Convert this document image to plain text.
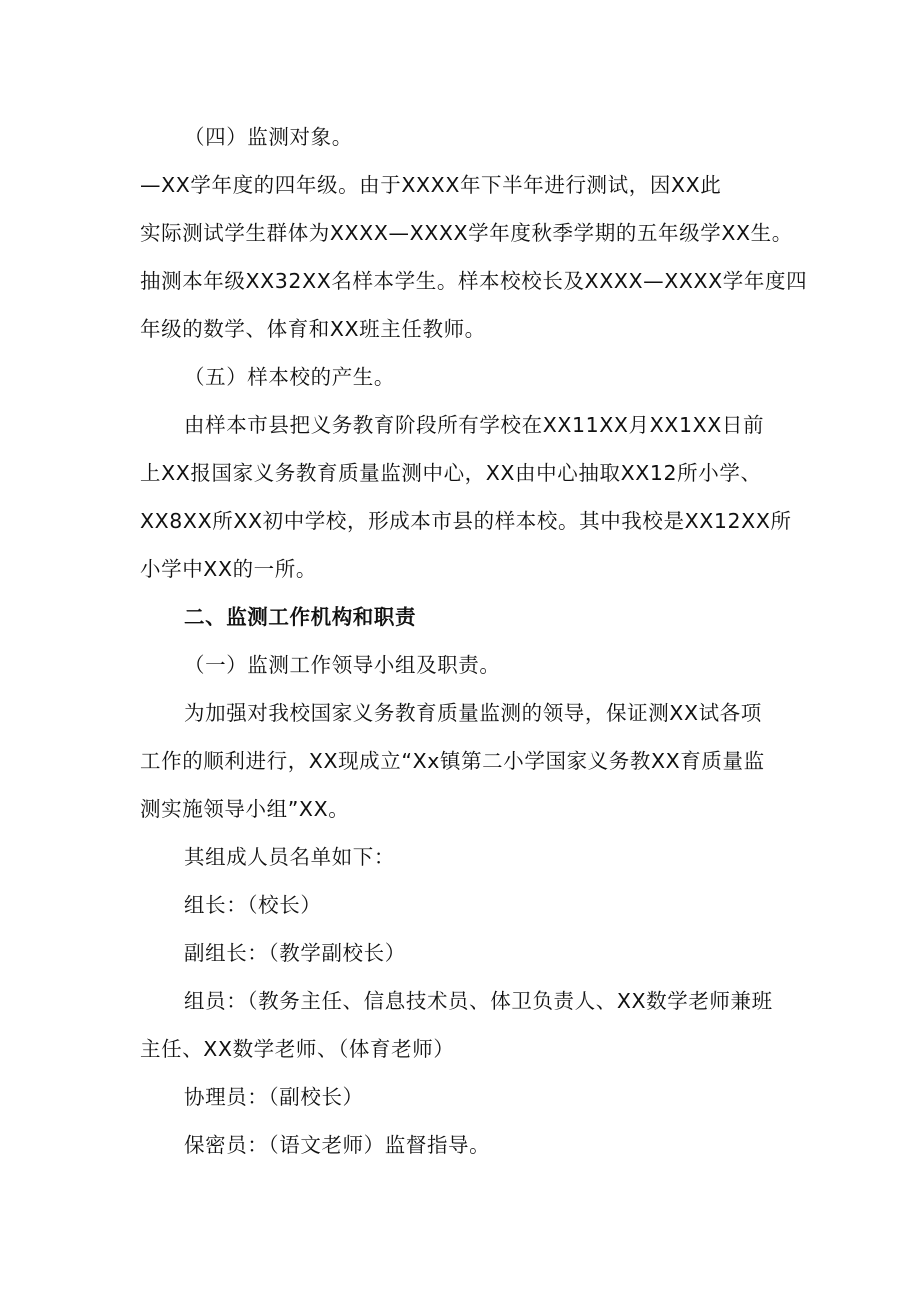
（四）监测对象。
—XX学年度的四年级。由于XXXX年下半年进行测试，因XX此
实际测试学生群体为XXXX—XXXX学年度秋季学期的五年级学XX生。
抽测本年级XX32XX名样本学生。样本校校长及XXXX—XXXX学年度四
年级的数学、体育和XX班主任教师。
（五）样本校的产生。
由样本市县把义务教育阶段所有学校在XX11XX月XX1XX日前
上XX报国家义务教育质量监测中心，XX由中心抽取XX12所小学、
XX8XX所XX初中学校，形成本市县的样本校。其中我校是XX12XX所
小学中XX的一所。
二、监测工作机构和职责
（一）监测工作领导小组及职责。
为加强对我校国家义务教育质量监测的领导，保证测XX试各项
工作的顺利进行，XX现成立“Xx镇第二小学国家义务教XX育质量监
测实施领导小组”XX。
其组成人员名单如下：
组长：（校长）
副组长：（教学副校长）
组员：（教务主任、信息技术员、体卫负责人、XX数学老师兼班
主任、XX数学老师、（体育老师）
协理员：（副校长）
保密员：（语文老师）监督指导。
